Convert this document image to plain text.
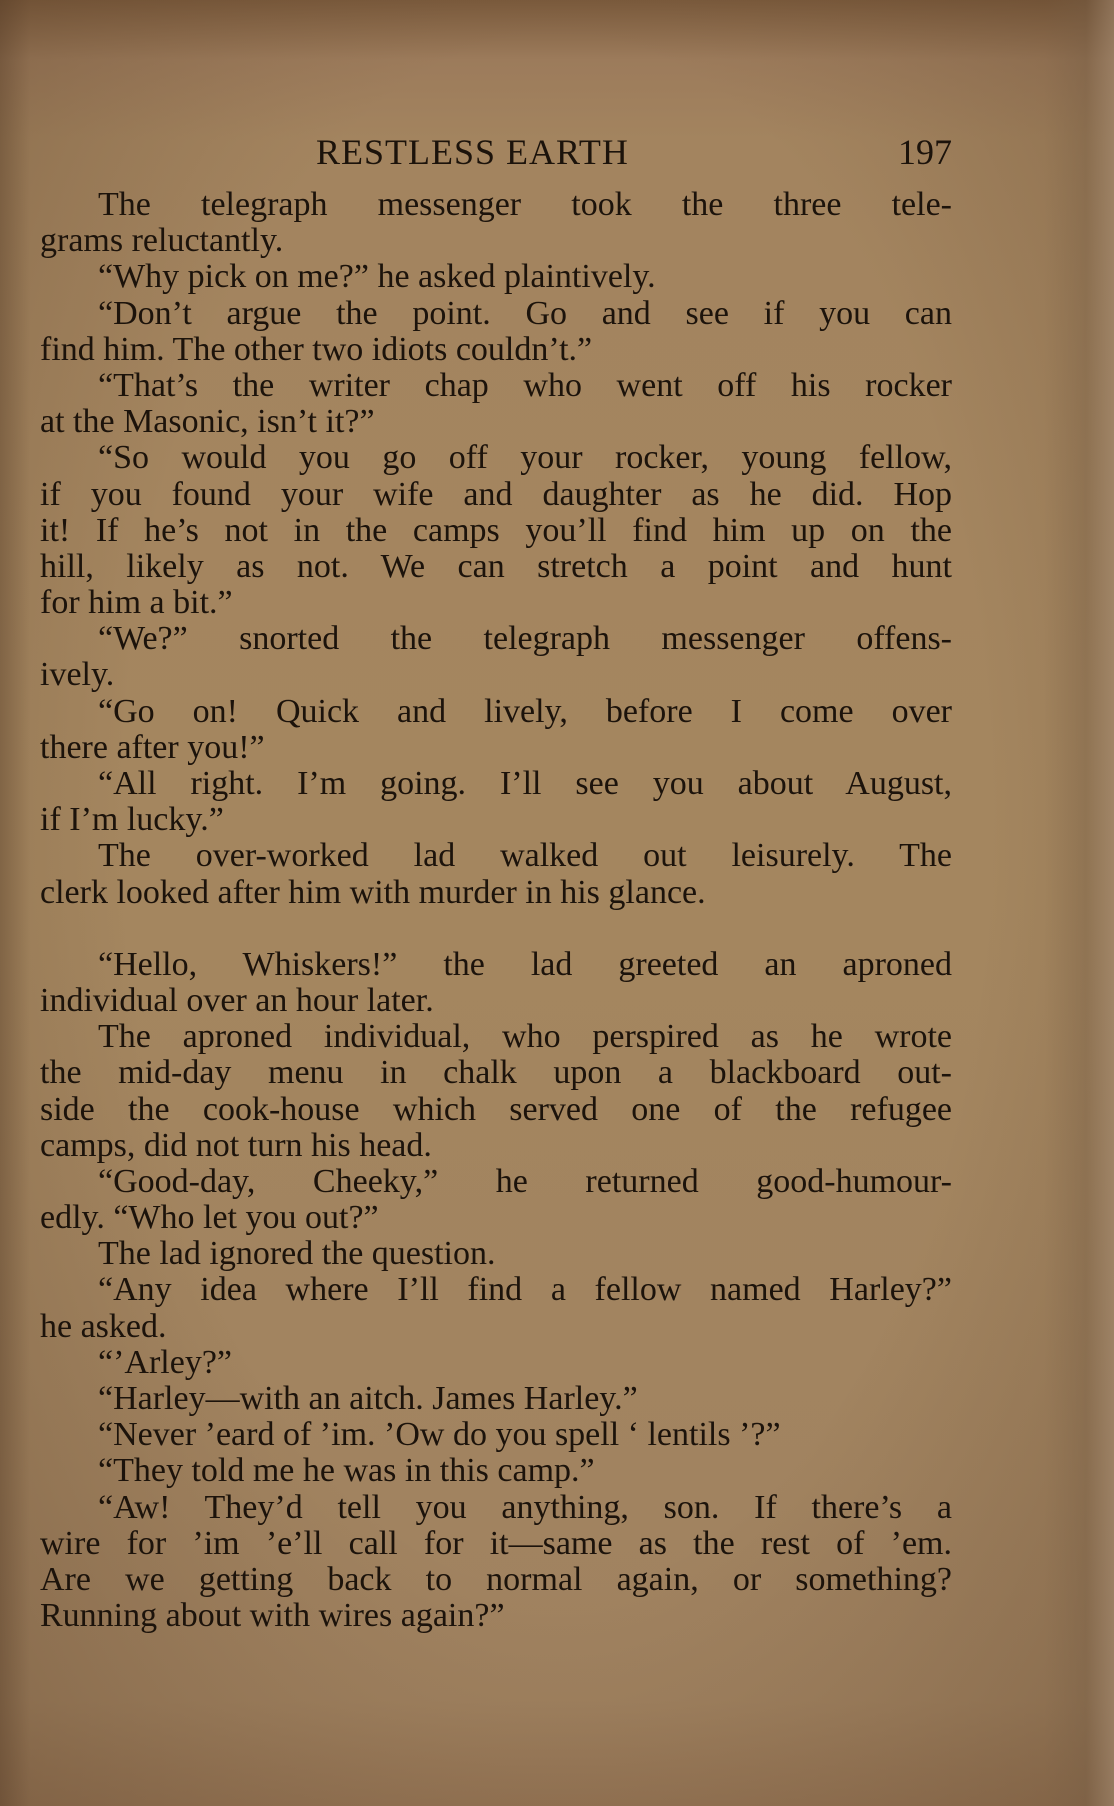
RESTLESS EARTH	197
The telegraph messenger took the three tele-
grams reluctantly.
“Why pick on me?” he asked plaintively.
“Don’t argue the point. Go and see if you can
find him. The other two idiots couldn’t.”
“That’s the writer chap who went off his rocker
at the Masonic, isn’t it?”
“So would you go off your rocker, young fellow,
if you found your wife and daughter as he did. Hop
it! If he’s not in the camps you’ll find him up on the
hill, likely as not. We can stretch a point and hunt
for him a bit.”
“We?” snorted the telegraph messenger offens-
ively.
“Go on! Quick and lively, before I come over
there after you!”
“All right. I’m going. I’ll see you about August,
if I’m lucky.”
The over-worked lad walked out leisurely. The
clerk looked after him with murder in his glance.
“Hello, Whiskers!” the lad greeted an aproned
individual over an hour later.
The aproned individual, who perspired as he wrote
the mid-day menu in chalk upon a blackboard out-
side the cook-house which served one of the refugee
camps, did not turn his head.
“Good-day, Cheeky,” he returned good-humour-
edly. “Who let you out?”
The lad ignored the question.
“Any idea where I’ll find a fellow named Harley?”
he asked.
“’Arley?”
“Harley—with an aitch. James Harley.”
“Never ’eard of ’im. ’Ow do you spell ‘ lentils ’?”
“They told me he was in this camp.”
“Aw! They’d tell you anything, son. If there’s a
wire for ’im ’e’ll call for it—same as the rest of ’em.
Are we getting back to normal again, or something?
Running about with wires again?”
